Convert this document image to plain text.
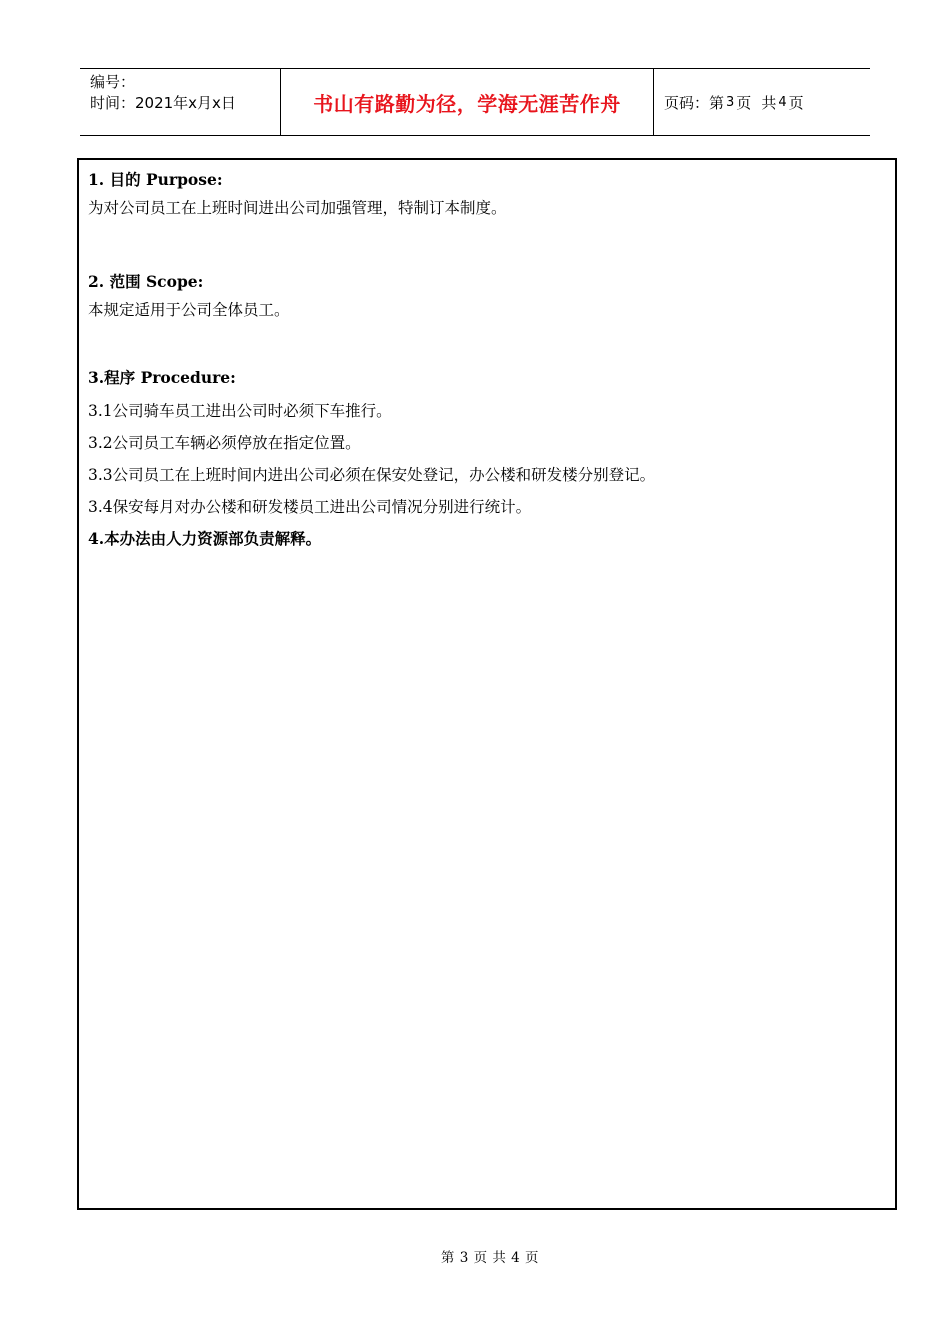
编号：
时间：2021年x月x日	书山有路勤为径，学海无涯苦作舟	页码：第 3 页 共 4 页
1. 目的 Purpose:
为对公司员工在上班时间进出公司加强管理，特制订本制度。
2. 范围 Scope:
本规定适用于公司全体员工。
3.程序 Procedure:
3.1公司骑车员工进出公司时必须下车推行。
3.2公司员工车辆必须停放在指定位置。
3.3公司员工在上班时间内进出公司必须在保安处登记，办公楼和研发楼分别登记。
3.4保安每月对办公楼和研发楼员工进出公司情况分别进行统计。
4.本办法由人力资源部负责解释。
第 3 页 共 4 页
